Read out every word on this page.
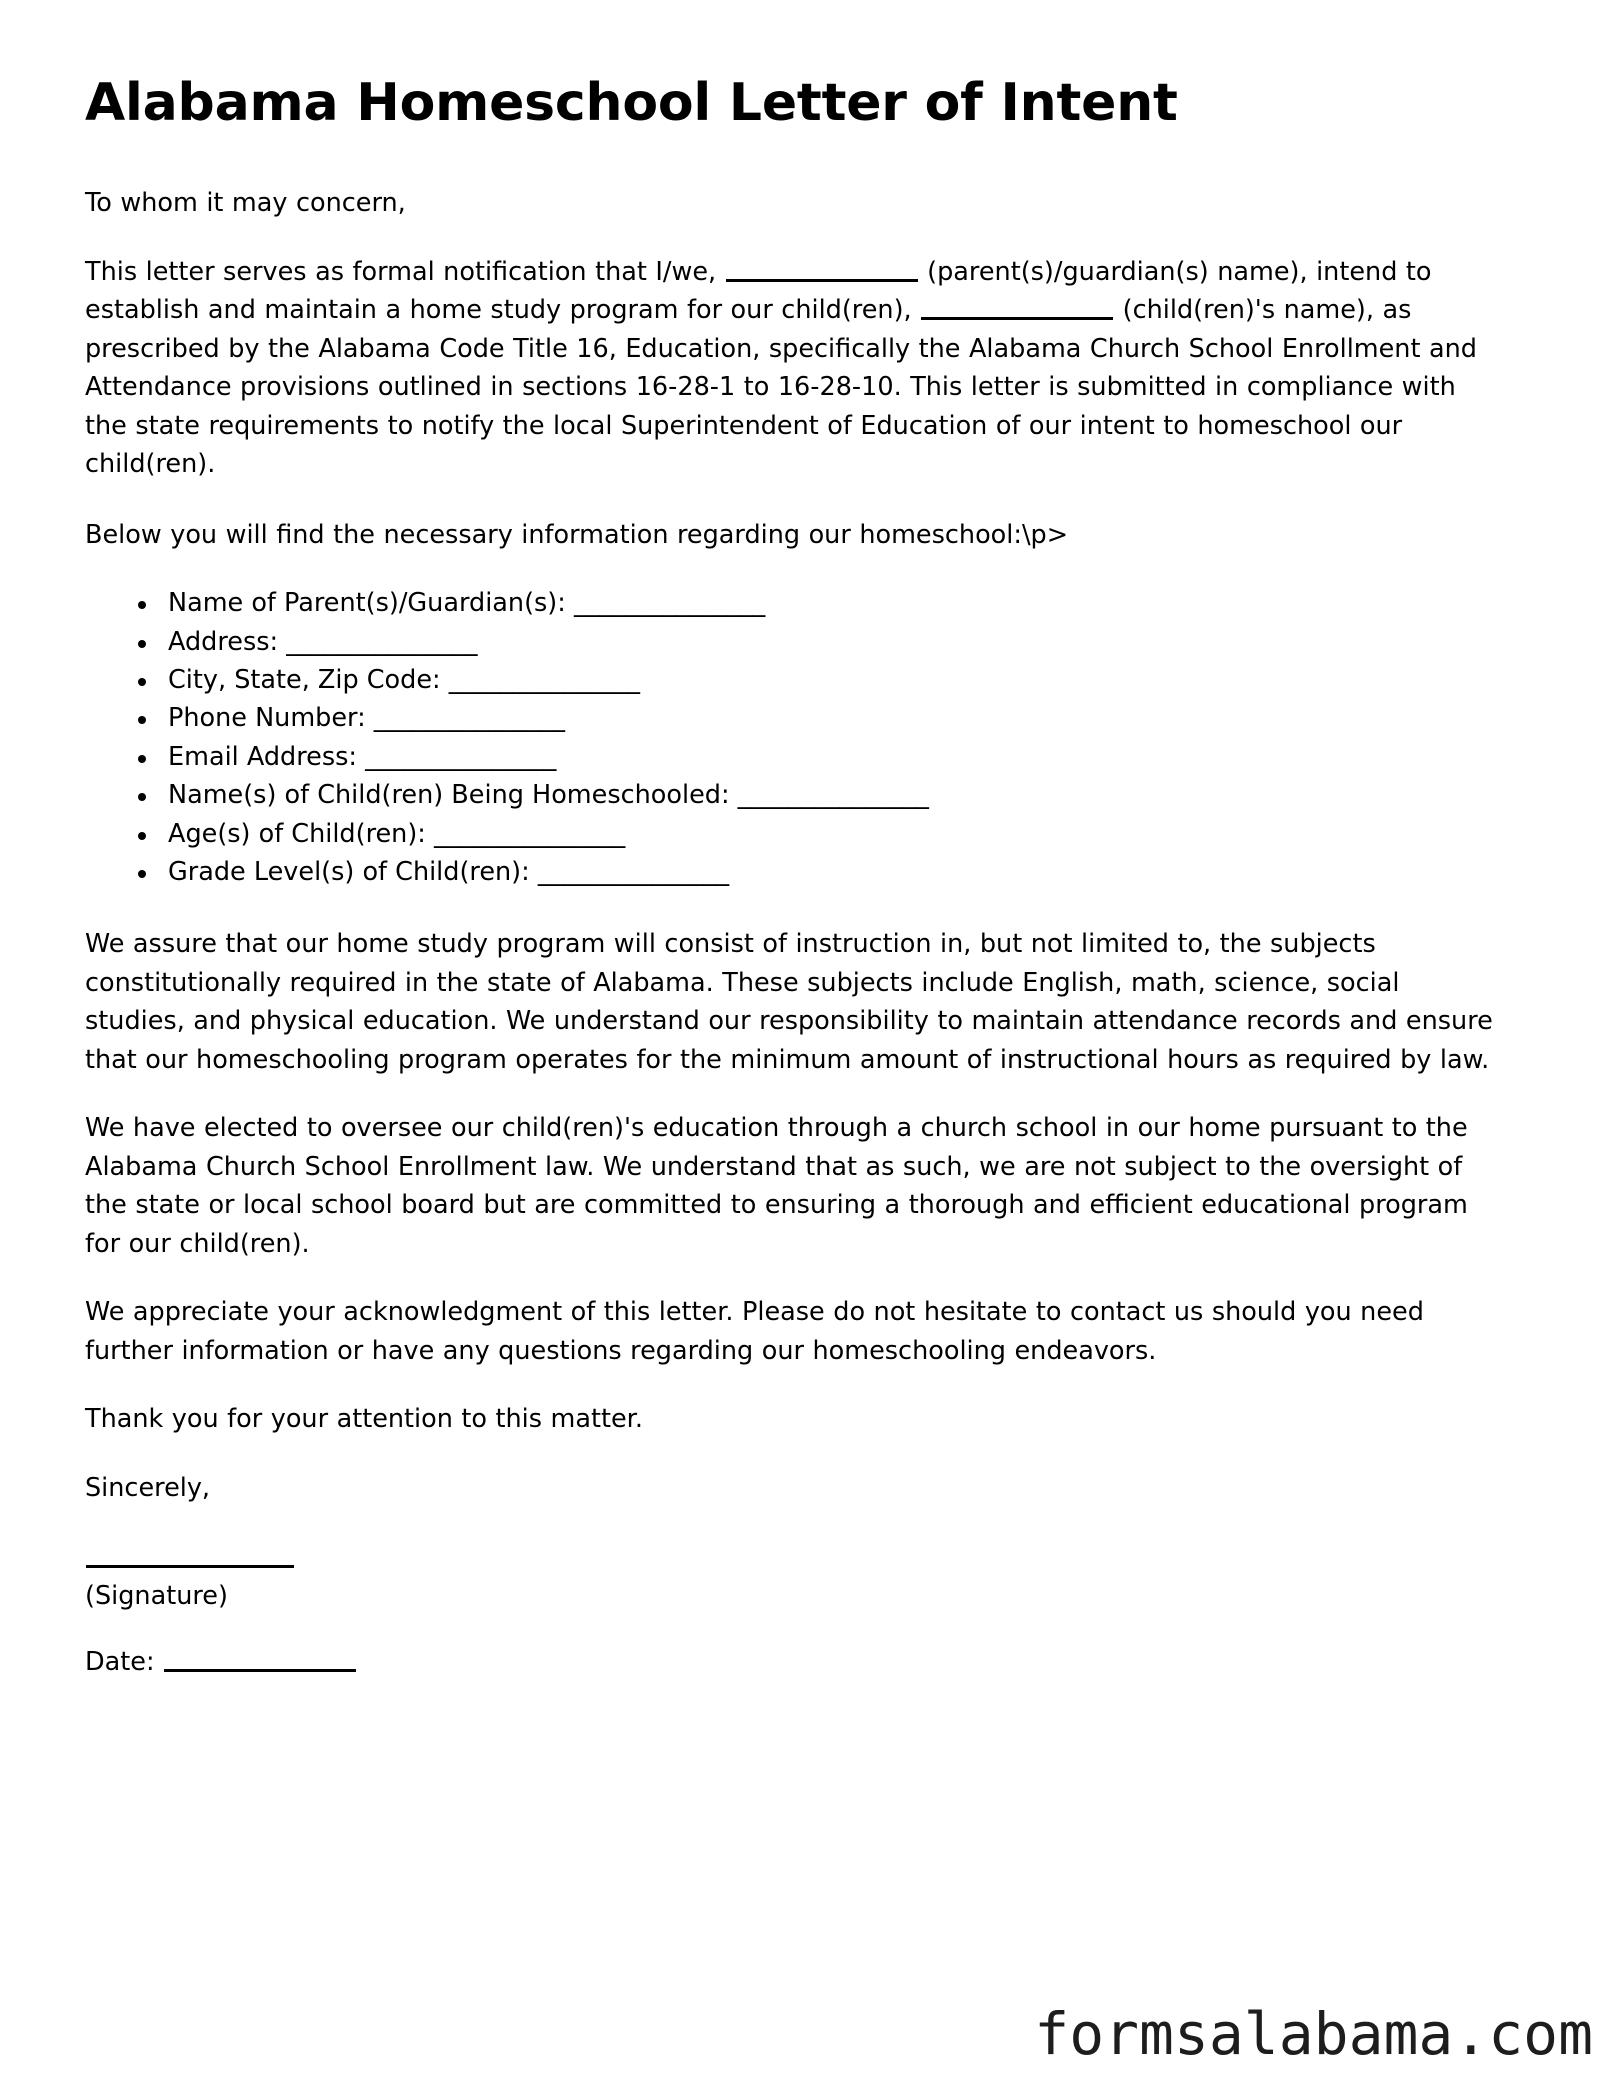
Alabama Homeschool Letter of Intent

To whom it may concern,

This letter serves as formal notification that I/we,	(parent(s)/guardian(s) name), intend to establish and maintain a home study program for our child(ren),	(child(ren)'s name), as prescribed by the Alabama Code Title 16, Education, specifically the Alabama Church School Enrollment and Attendance provisions outlined in sections 16-28-1 to 16-28-10. This letter is submitted in compliance with the state requirements to notify the local Superintendent of Education of our intent to homeschool our child(ren).

Below you will find the necessary information regarding our homeschool:\p>

Name of Parent(s)/Guardian(s): _______________
Address: _______________
City, State, Zip Code: _______________
Phone Number: _______________
Email Address: _______________
Name(s) of Child(ren) Being Homeschooled: _______________
Age(s) of Child(ren): _______________
Grade Level(s) of Child(ren): _______________

We assure that our home study program will consist of instruction in, but not limited to, the subjects constitutionally required in the state of Alabama. These subjects include English, math, science, social studies, and physical education. We understand our responsibility to maintain attendance records and ensure that our homeschooling program operates for the minimum amount of instructional hours as required by law.

We have elected to oversee our child(ren)'s education through a church school in our home pursuant to the Alabama Church School Enrollment law. We understand that as such, we are not subject to the oversight of the state or local school board but are committed to ensuring a thorough and efficient educational program for our child(ren).

We appreciate your acknowledgment of this letter. Please do not hesitate to contact us should you need further information or have any questions regarding our homeschooling endeavors.

Thank you for your attention to this matter.

Sincerely,

(Signature)

Date:

formsalabama.com
